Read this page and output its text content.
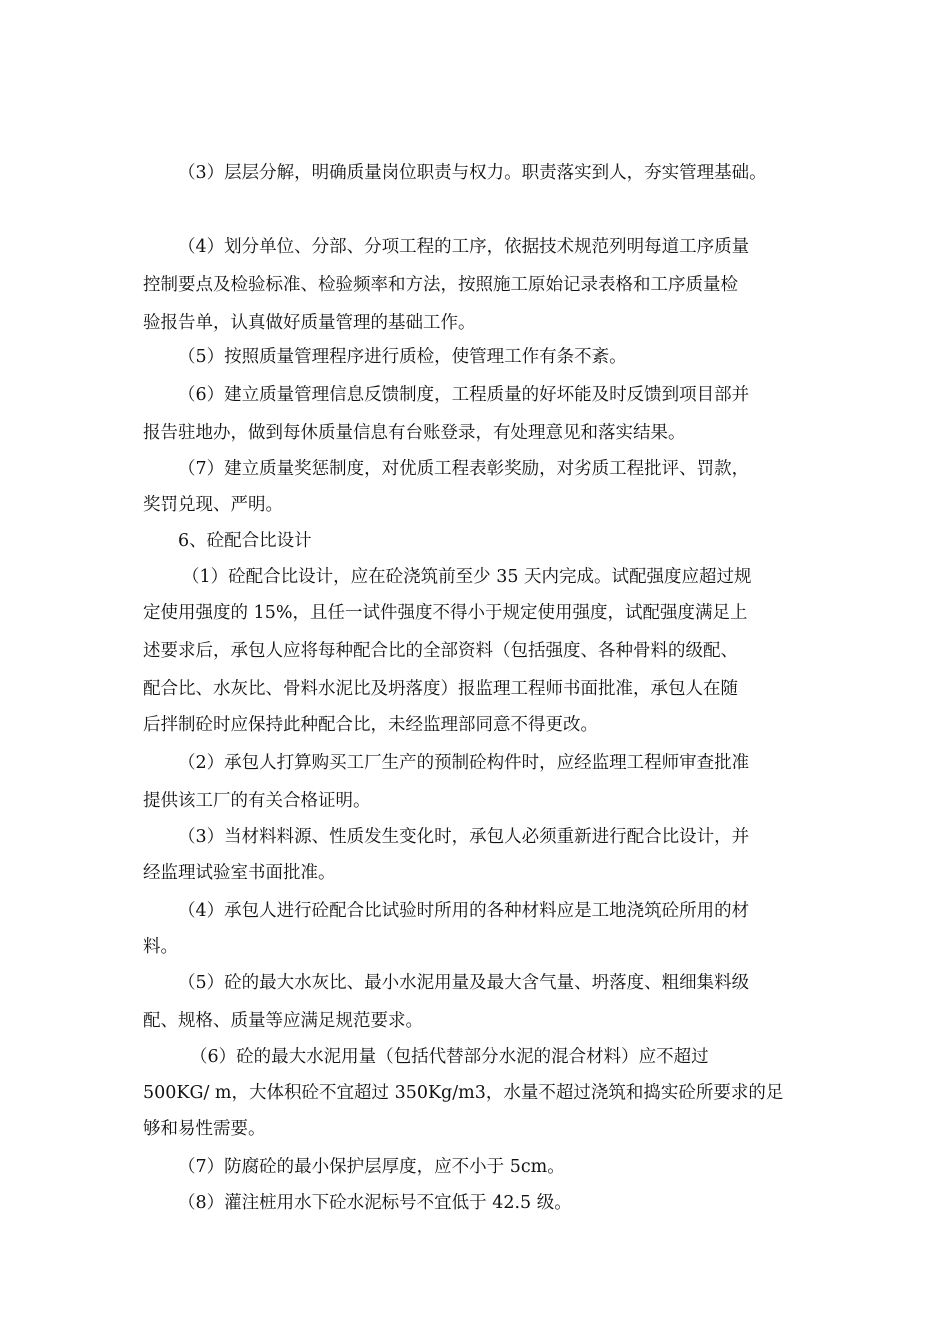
（3）层层分解，明确质量岗位职责与权力。职责落实到人，夯实管理基础。
（4）划分单位、分部、分项工程的工序，依据技术规范列明每道工序质量
控制要点及检验标准、检验频率和方法，按照施工原始记录表格和工序质量检
验报告单，认真做好质量管理的基础工作。
（5）按照质量管理程序进行质检，使管理工作有条不紊。
（6）建立质量管理信息反馈制度，工程质量的好坏能及时反馈到项目部并
报告驻地办，做到每休质量信息有台账登录，有处理意见和落实结果。
（7）建立质量奖惩制度，对优质工程表彰奖励，对劣质工程批评、罚款，
奖罚兑现、严明。
6、砼配合比设计
（1）砼配合比设计，应在砼浇筑前至少 35 天内完成。试配强度应超过规
定使用强度的 15%，且任一试件强度不得小于规定使用强度，试配强度满足上
述要求后，承包人应将每种配合比的全部资料（包括强度、各种骨料的级配、
配合比、水灰比、骨料水泥比及坍落度）报监理工程师书面批准，承包人在随
后拌制砼时应保持此种配合比，未经监理部同意不得更改。
（2）承包人打算购买工厂生产的预制砼构件时，应经监理工程师审查批准
提供该工厂的有关合格证明。
（3）当材料料源、性质发生变化时，承包人必须重新进行配合比设计，并
经监理试验室书面批准。
（4）承包人进行砼配合比试验时所用的各种材料应是工地浇筑砼所用的材
料。
（5）砼的最大水灰比、最小水泥用量及最大含气量、坍落度、粗细集料级
配、规格、质量等应满足规范要求。
（6）砼的最大水泥用量（包括代替部分水泥的混合材料）应不超过
500KG/ m，大体积砼不宜超过 350Kg/m3，水量不超过浇筑和捣实砼所要求的足
够和易性需要。
（7）防腐砼的最小保护层厚度，应不小于 5cm。
（8）灌注桩用水下砼水泥标号不宜低于 42.5 级。
